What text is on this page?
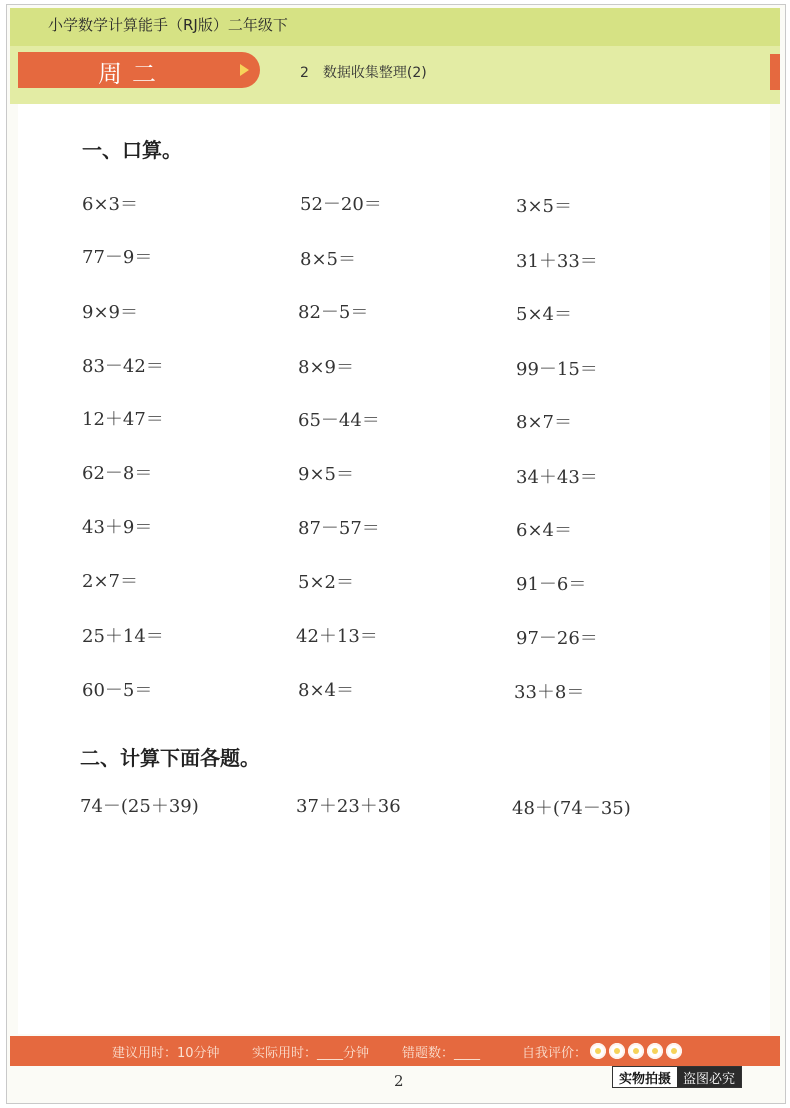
小学数学计算能手（RJ版）二年级下
周二	2　数据收集整理(2)
一、口算。
6×3＝	52－20＝	3×5＝
77－9＝	8×5＝	31＋33＝
9×9＝	82－5＝	5×4＝
83－42＝	8×9＝	99－15＝
12＋47＝	65－44＝	8×7＝
62－8＝	9×5＝	34＋43＝
43＋9＝	87－57＝	6×4＝
2×7＝	5×2＝	91－6＝
25＋14＝	42＋13＝	97－26＝
60－5＝	8×4＝	33＋8＝
二、计算下面各题。
74－(25＋39)	37＋23＋36	48＋(74－35)
建议用时：10分钟 实际用时：____分钟	错题数：____	自我评价：
2	实物拍摄 盗图必究
